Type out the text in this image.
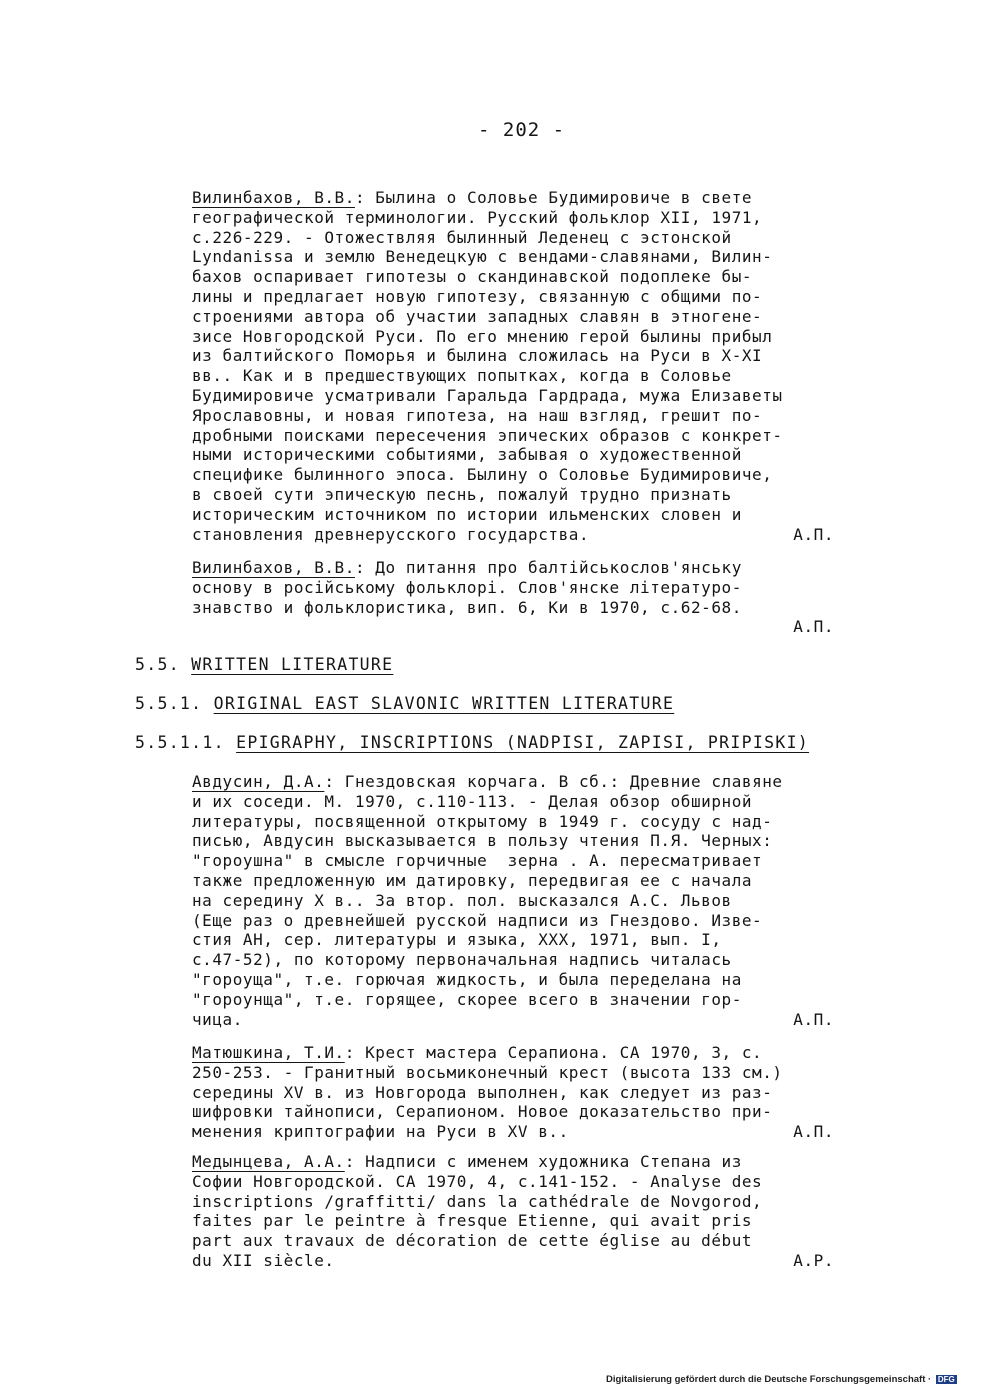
- 202 -
Вилинбахов, В.В.: Былина о Соловье Будимировиче в свете
географической терминологии. Русский фольклор XII, 1971,
с.226-229. - Отожествляя былинный Леденец с эстонской
Lyndanissa и землю Венедецкую с вендами-славянами, Вилин-
бахов оспаривает гипотезы о скандинавской подоплеке бы-
лины и предлагает новую гипотезу, связанную с общими по-
строениями автора об участии западных славян в этногене-
зисе Новгородской Руси. По его мнению герой былины прибыл
из балтийского Поморья и былина сложилась на Руси в X-XI
вв.. Как и в предшествующих попытках, когда в Соловье
Будимировиче усматривали Гаральда Гардрада, мужа Елизаветы
Ярославовны, и новая гипотеза, на наш взгляд, грешит по-
дробными поисками пересечения эпических образов с конкрет-
ными историческими событиями, забывая о художественной
специфике былинного эпоса. Былину о Соловье Будимировиче,
в своей сути эпическую песнь, пожалуй трудно признать
историческим источником по истории ильменских словен и
становления древнерусского государства.	А.П.
Вилинбахов, В.В.: До питання про балтійськослов'янську
основу в російському фольклорі. Слов'янске літературо-
знавство и фольклористика, вип. 6, Ки в 1970, с.62-68.
А.П.
5.5. WRITTEN LITERATURE
5.5.1. ORIGINAL EAST SLAVONIC WRITTEN LITERATURE
5.5.1.1. EPIGRAPHY, INSCRIPTIONS (NADPISI, ZAPISI, PRIPISKI)
Авдусин, Д.А.: Гнездовская корчага. В сб.: Древние славяне
и их соседи. М. 1970, с.110-113. - Делая обзор обширной
литературы, посвященной открытому в 1949 г. сосуду с над-
писью, Авдусин высказывается в пользу чтения П.Я. Черных:
"гороушна" в смысле горчичные  зерна . А. пересматривает
также предложенную им датировку, передвигая ее с начала
на середину X в.. За втор. пол. высказался А.С. Львов
(Еще раз о древнейшей русской надписи из Гнездово. Изве-
стия АН, сер. литературы и языка, XXX, 1971, вып. I,
с.47-52), по которому первоначальная надпись читалась
"гороуща", т.е. горючая жидкость, и была переделана на
"гороунща", т.е. горящее, скорее всего в значении гор-
чица.	А.П.
Матюшкина, Т.И.: Крест мастера Серапиона. СА 1970, 3, с.
250-253. - Гранитный восьмиконечный крест (высота 133 см.)
середины XV в. из Новгорода выполнен, как следует из раз-
шифровки тайнописи, Серапионом. Новое доказательство при-
менения криптографии на Руси в XV в..	А.П.
Медынцева, А.А.: Надписи с именем художника Степана из
Софии Новгородской. СА 1970, 4, с.141-152. - Analyse des
inscriptions /graffitti/ dans la cathédrale de Novgorod,
faites par le peintre à fresque Etienne, qui avait pris
part aux travaux de décoration de cette église au début
du XII siècle.	A.P.
Digitalisierung gefördert durch die Deutsche Forschungsgemeinschaft · DFG
